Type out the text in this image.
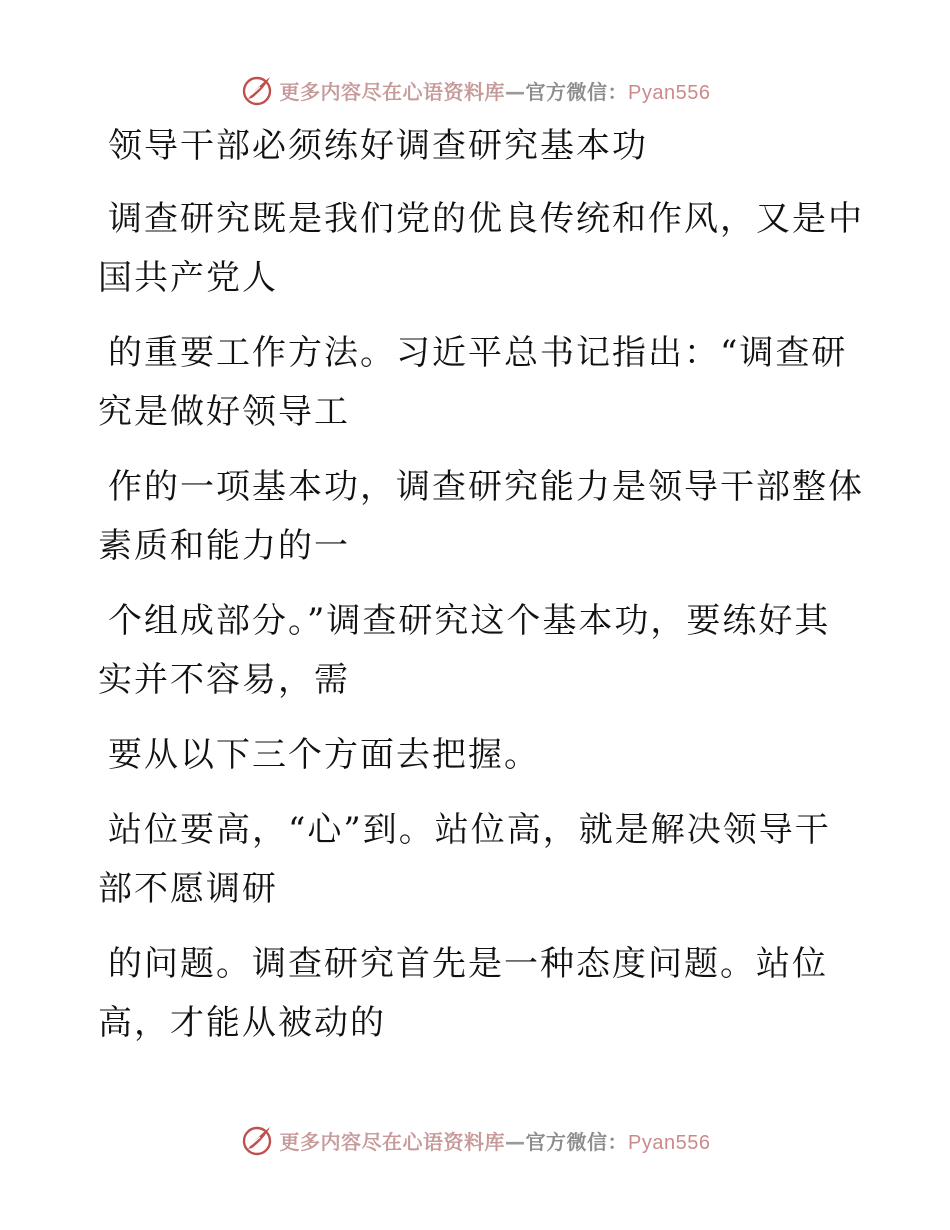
更多内容尽在心语资料库—官方微信：Pyan556
领导干部必须练好调查研究基本功
调查研究既是我们党的优良传统和作风，又是中
国共产党人
的重要工作方法。习近平总书记指出：“调查研
究是做好领导工
作的一项基本功，调查研究能力是领导干部整体
素质和能力的一
个组成部分。”调查研究这个基本功，要练好其
实并不容易，需
要从以下三个方面去把握。
站位要高，“心”到。站位高，就是解决领导干
部不愿调研
的问题。调查研究首先是一种态度问题。站位
高，才能从被动的
更多内容尽在心语资料库—官方微信：Pyan556
